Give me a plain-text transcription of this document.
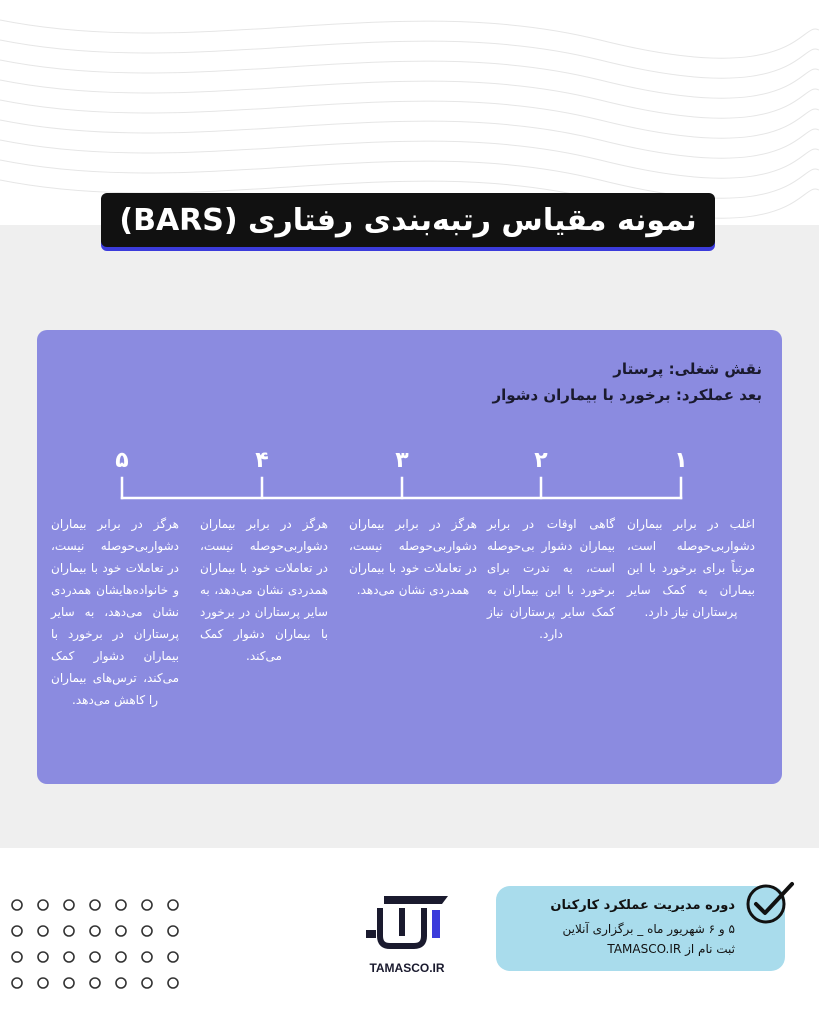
نمونه مقیاس رتبه‌بندی رفتاری (BARS)
نقش شغلی: پرستار
بعد عملکرد: برخورد با بیماران دشوار
۵	۴	۳	۲	۱
هرگز در برابر بیماران دشواربی‌حوصله نیست، در تعاملات خود با بیماران و خانواده‌هایشان همدردی نشان می‌دهد، به سایر پرستاران در برخورد با بیماران دشوار کمک می‌کند، ترس‌های بیماران را کاهش می‌دهد.
هرگز در برابر بیماران دشواربی‌حوصله نیست، در تعاملات خود با بیماران همدردی نشان می‌دهد، به سایر پرستاران در برخورد با بیماران دشوار کمک می‌کند.
هرگز در برابر بیماران دشواربی‌حوصله نیست، در تعاملات خود با بیماران همدردی نشان می‌دهد.
گاهی اوقات در برابر بیماران دشوار بی‌حوصله است، به ندرت برای برخورد با این بیماران به کمک سایر پرستاران نیاز دارد.
اغلب در برابر بیماران دشواربی‌حوصله است، مرتباً برای برخورد با این بیماران به کمک سایر پرستاران نیاز دارد.
TAMASCO.IR
دوره مدیریت عملکرد کارکنان
۵ و ۶ شهریور ماه _ برگزاری آنلاین
ثبت نام از TAMASCO.IR
